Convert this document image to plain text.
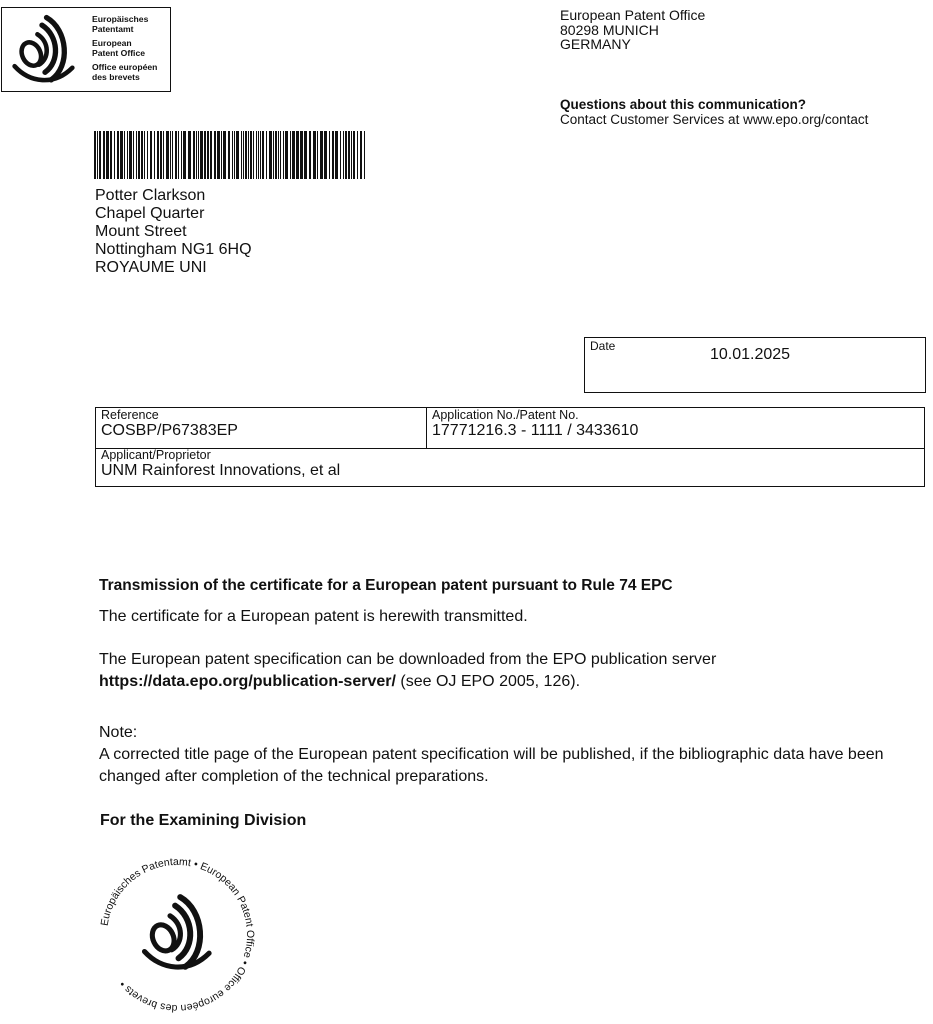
Europäisches
Patentamt
European
Patent Office
Office européen
des brevets
European Patent Office
80298 MUNICH
GERMANY
Questions about this communication?
Contact Customer Services at www.epo.org/contact
Potter Clarkson
Chapel Quarter
Mount Street
Nottingham NG1 6HQ
ROYAUME UNI
Date	10.01.2025
Reference
COSBP/P67383EP
Application No./Patent No.
17771216.3 - 1111 / 3433610
Applicant/Proprietor
UNM Rainforest Innovations, et al
Transmission of the certificate for a European patent pursuant to Rule 74 EPC
The certificate for a European patent is herewith transmitted.
The European patent specification can be downloaded from the EPO publication server
https://data.epo.org/publication-server/ (see OJ EPO 2005, 126).
Note:
A corrected title page of the European patent specification will be published, if the bibliographic data have been changed after completion of the technical preparations.
For the Examining Division
Europäisches Patentamt • European Patent Office • Office européen des brevets •
